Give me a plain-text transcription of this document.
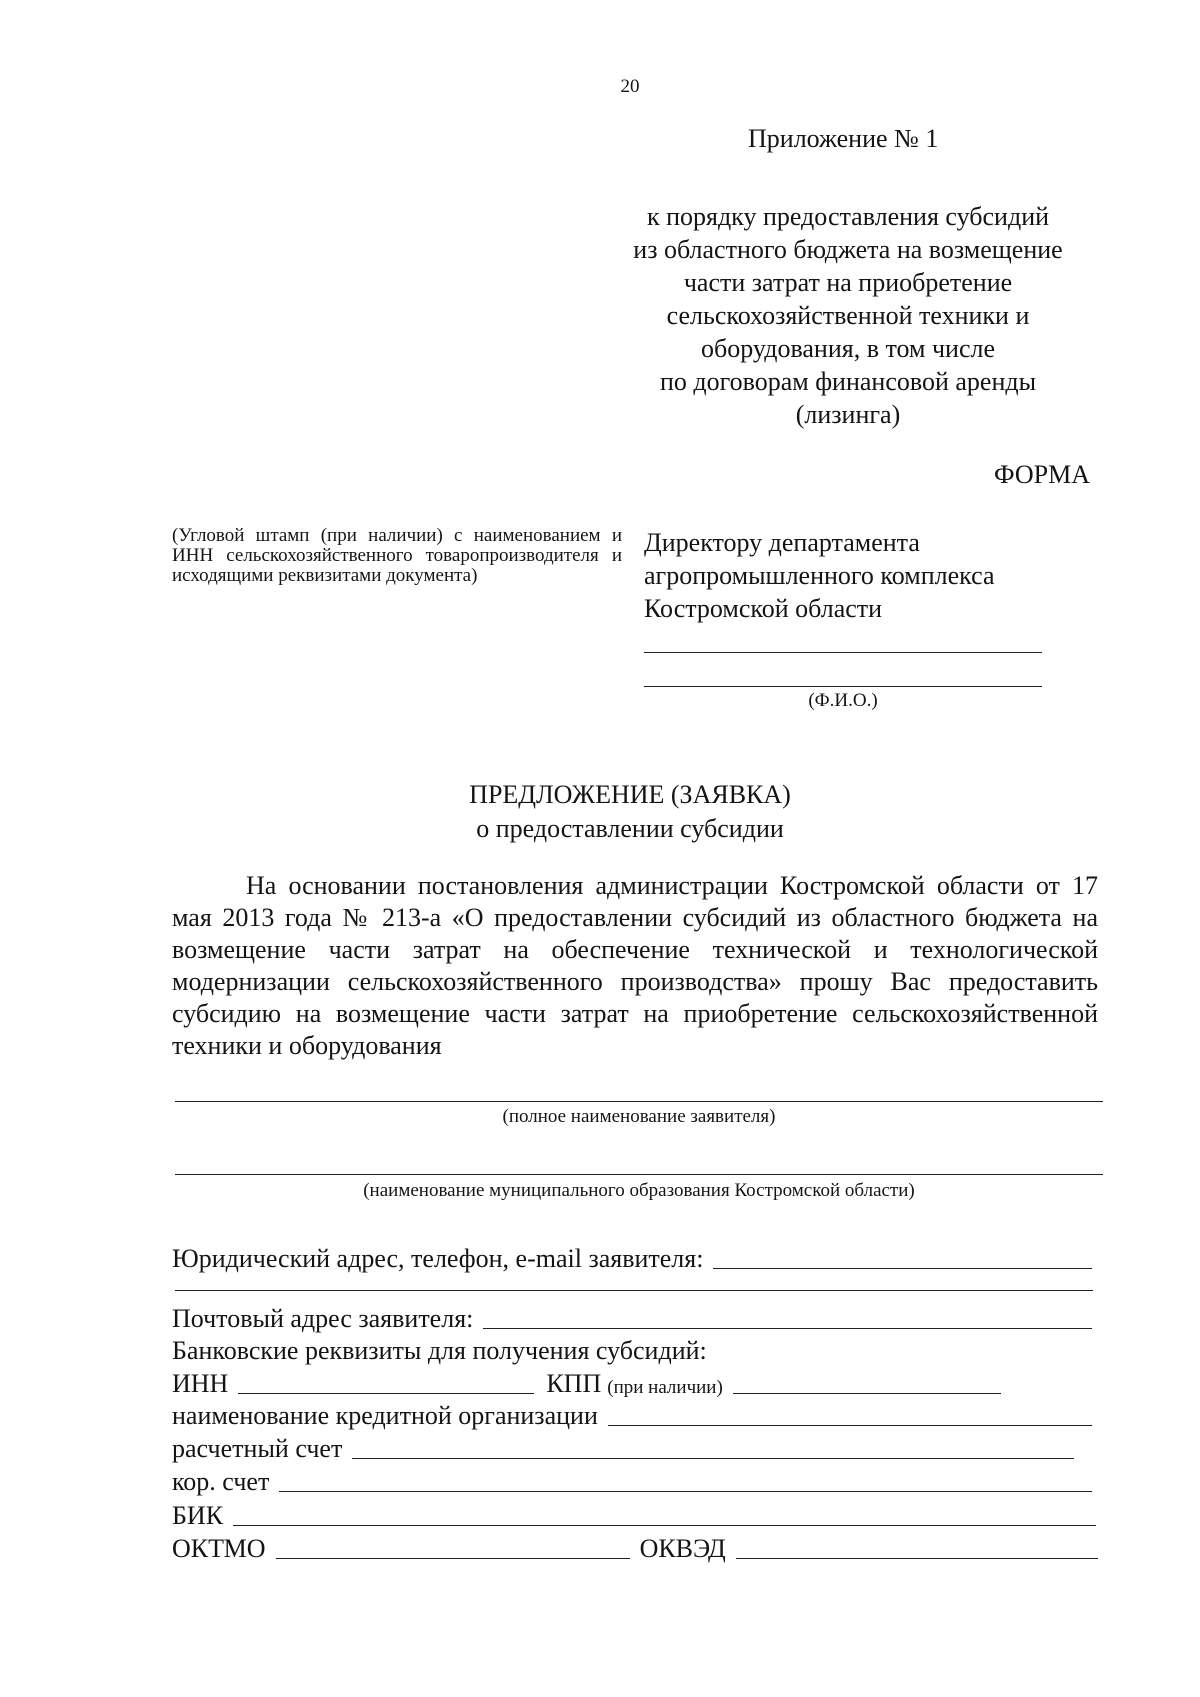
20
Приложение № 1
к порядку предоставления субсидий
из областного бюджета на возмещение
части затрат на приобретение
сельскохозяйственной техники и
оборудования, в том числе
по договорам финансовой аренды
(лизинга)
ФОРМА
(Угловой штамп (при наличии) с наименованием и ИНН сельскохозяйственного товаропроизводителя и исходящими реквизитами документа)
Директору департамента
агропромышленного комплекса
Костромской области
(Ф.И.О.)
ПРЕДЛОЖЕНИЕ (ЗАЯВКА)
о предоставлении субсидии
На основании постановления администрации Костромской области от 17 мая 2013 года № 213-а «О предоставлении субсидий из областного бюджета на возмещение части затрат на обеспечение технической и технологической модернизации сельскохозяйственного производства» прошу Вас предоставить субсидию на возмещение части затрат на приобретение сельскохозяйственной техники и оборудования
(полное наименование заявителя)
(наименование муниципального образования Костромской области)
Юридический адрес, телефон, e-mail заявителя:
Почтовый адрес заявителя:
Банковские реквизиты для получения субсидий:
ИНН	КПП (при наличии)
наименование кредитной организации
расчетный счет
кор. счет
БИК
ОКТМО	ОКВЭД
